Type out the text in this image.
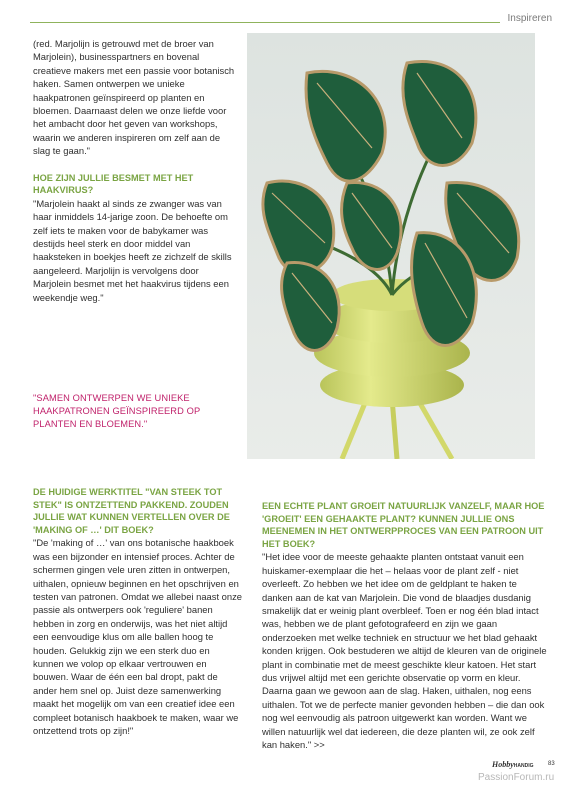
Inspireren

(red. Marjolijn is getrouwd met de broer van Marjolein), businesspartners en bovenal creatieve makers met een passie voor botanisch haken. Samen ontwerpen we unieke haakpatronen geïnspireerd op planten en bloemen. Daarnaast delen we onze liefde voor het ambacht door het geven van workshops, waarin we anderen inspireren om zelf aan de slag te gaan."

HOE ZIJN JULLIE BESMET MET HET HAAKVIRUS?

"Marjolein haakt al sinds ze zwanger was van haar inmiddels 14-jarige zoon. De behoefte om zelf iets te maken voor de babykamer was destijds heel sterk en door middel van haaksteken in boekjes heeft ze zichzelf de skills aangeleerd. Marjolijn is vervolgens door Marjolein besmet met het haakvirus tijdens een weekendje weg."

"SAMEN ONTWERPEN WE UNIEKE HAAKPATRONEN GEÏNSPIREERD OP PLANTEN EN BLOEMEN."

DE HUIDIGE WERKTITEL "VAN STEEK TOT STEK" IS ONTZETTEND PAKKEND. ZOUDEN JULLIE WAT KUNNEN VERTELLEN OVER DE 'MAKING OF …' DIT BOEK?

"De 'making of …' van ons botanische haakboek was een bijzonder en intensief proces. Achter de schermen gingen vele uren zitten in ontwerpen, uithalen, opnieuw beginnen en het opschrijven en testen van patronen. Omdat we allebei naast onze passie als ontwerpers ook 'reguliere' banen hebben in zorg en onderwijs, was het niet altijd een eenvoudige klus om alle ballen hoog te houden. Gelukkig zijn we een sterk duo en kunnen we volop op elkaar vertrouwen en bouwen. Waar de één een bal dropt, pakt de ander hem snel op. Juist deze samenwerking maakt het mogelijk om van een creatief idee een compleet botanisch haakboek te maken, waar we ontzettend trots op zijn!"

EEN ECHTE PLANT GROEIT NATUURLIJK VANZELF, MAAR HOE 'GROEIT' EEN GEHAAKTE PLANT? KUNNEN JULLIE ONS MEENEMEN IN HET ONTWERPPROCES VAN EEN PATROON UIT HET BOEK?

"Het idee voor de meeste gehaakte planten ontstaat vanuit een huiskamer-exemplaar die het – helaas voor de plant zelf - niet overleeft. Zo hebben we het idee om de geldplant te haken te danken aan de kat van Marjolein. Die vond de blaadjes dusdanig smakelijk dat er weinig plant overbleef. Toen er nog één blad intact was, hebben we de plant gefotografeerd en zijn we gaan onderzoeken met welke techniek en structuur we het blad gehaakt konden krijgen. Ook bestuderen we altijd de kleuren van de originele plant in combinatie met de meest geschikte kleur katoen. Het start dus vrijwel altijd met een gerichte observatie op vorm en kleur. Daarna gaan we gewoon aan de slag. Haken, uithalen, nog eens uithalen. Tot we de perfecte manier gevonden hebben – die dan ook nog wel eenvoudig als patroon uitgewerkt kan worden. Want we willen natuurlijk wel dat iedereen, die deze planten wil, ze ook zelf kan haken." >>

HobbyHANDIG 83
PassionForum.ru
